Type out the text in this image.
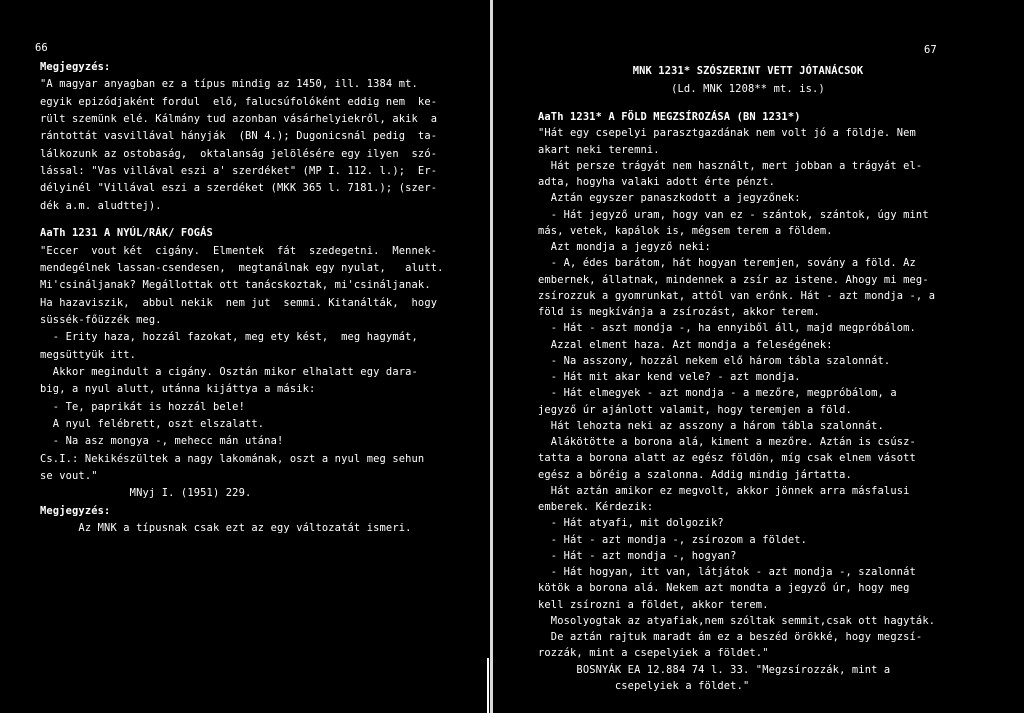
66
Megjegyzés:
"A magyar anyagban ez a típus mindig az 1450, ill. 1384 mt.
egyik epizódjaként fordul  elő, falucsúfolóként eddig nem  ke-
rült szemünk elé. Kálmány tud azonban vásárhelyiekről, akik  a
rántottát vasvillával hányják  (BN 4.); Dugonicsnál pedig  ta-
lálkozunk az ostobaság,  oktalanság jelölésére egy ilyen  szó-
lással: "Vas villával eszi a' szerdéket" (MP I. 112. l.);  Er-
délyinél "Villával eszi a szerdéket (MKK 365 l. 7181.); (szer-
dék a.m. aludttej).
AaTh 1231 A NYÚL/RÁK/ FOGÁS
"Eccer  vout két  cigány.  Elmentek  fát  szedegetni.  Mennek-
mendegélnek lassan-csendesen,  megtanálnak egy nyulat,   alutt.
Mi'csináljanak? Megállottak ott tanácskoztak, mi'csináljanak.
Ha hazaviszik,  abbul nekik  nem jut  semmi. Kitanálták,  hogy
süssék-főüzzék meg.
- Erity haza, hozzál fazokat, meg ety kést,  meg hagymát,
megsüttyük itt.
Akkor megindult a cigány. Osztán mikor elhalatt egy dara-
big, a nyul alutt, utánna kijáttya a másik:
- Te, paprikát is hozzál bele!
A nyul felébrett, oszt elszalatt.
- Na asz mongya -, mehecc mán utána!
Cs.I.: Nekikészültek a nagy lakomának, oszt a nyul meg sehun
se vout."
MNyj I. (1951) 229.
Megjegyzés:
Az MNK a típusnak csak ezt az egy változatát ismeri.
67
MNK 1231* SZÓSZERINT VETT JÓTANÁCSOK
(Ld. MNK 1208** mt. is.)
AaTh 1231* A FÖLD MEGZSÍROZÁSA (BN 1231*)
"Hát egy csepelyi parasztgazdának nem volt jó a földje. Nem
akart neki teremni.
Hát persze trágyát nem használt, mert jobban a trágyát el-
adta, hogyha valaki adott érte pénzt.
Aztán egyszer panaszkodott a jegyzőnek:
- Hát jegyző uram, hogy van ez - szántok, szántok, úgy mint
más, vetek, kapálok is, mégsem terem a földem.
Azt mondja a jegyző neki:
- A, édes barátom, hát hogyan teremjen, sovány a föld. Az
embernek, állatnak, mindennek a zsír az istene. Ahogy mi meg-
zsírozzuk a gyomrunkat, attól van erőnk. Hát - azt mondja -, a
föld is megkívánja a zsírozást, akkor terem.
- Hát - aszt mondja -, ha ennyiből áll, majd megpróbálom.
Azzal elment haza. Azt mondja a feleségének:
- Na asszony, hozzál nekem elő három tábla szalonnát.
- Hát mit akar kend vele? - azt mondja.
- Hát elmegyek - azt mondja - a mezőre, megpróbálom, a
jegyző úr ajánlott valamit, hogy teremjen a föld.
Hát lehozta neki az asszony a három tábla szalonnát.
Alákötötte a borona alá, kiment a mezőre. Aztán is csúsz-
tatta a borona alatt az egész földön, míg csak elnem vásott
egész a bőréig a szalonna. Addig mindig jártatta.
Hát aztán amikor ez megvolt, akkor jönnek arra másfalusi
emberek. Kérdezik:
- Hát atyafi, mit dolgozik?
- Hát - azt mondja -, zsírozom a földet.
- Hát - azt mondja -, hogyan?
- Hát hogyan, itt van, látjátok - azt mondja -, szalonnát
kötök a borona alá. Nekem azt mondta a jegyző úr, hogy meg
kell zsírozni a földet, akkor terem.
Mosolyogtak az atyafiak,nem szóltak semmit,csak ott hagyták.
De aztán rajtuk maradt ám ez a beszéd örökké, hogy megzsí-
rozzák, mint a csepelyiek a földet."
BOSNYÁK EA 12.884 74 l. 33. "Megzsírozzák, mint a
csepelyiek a földet."
